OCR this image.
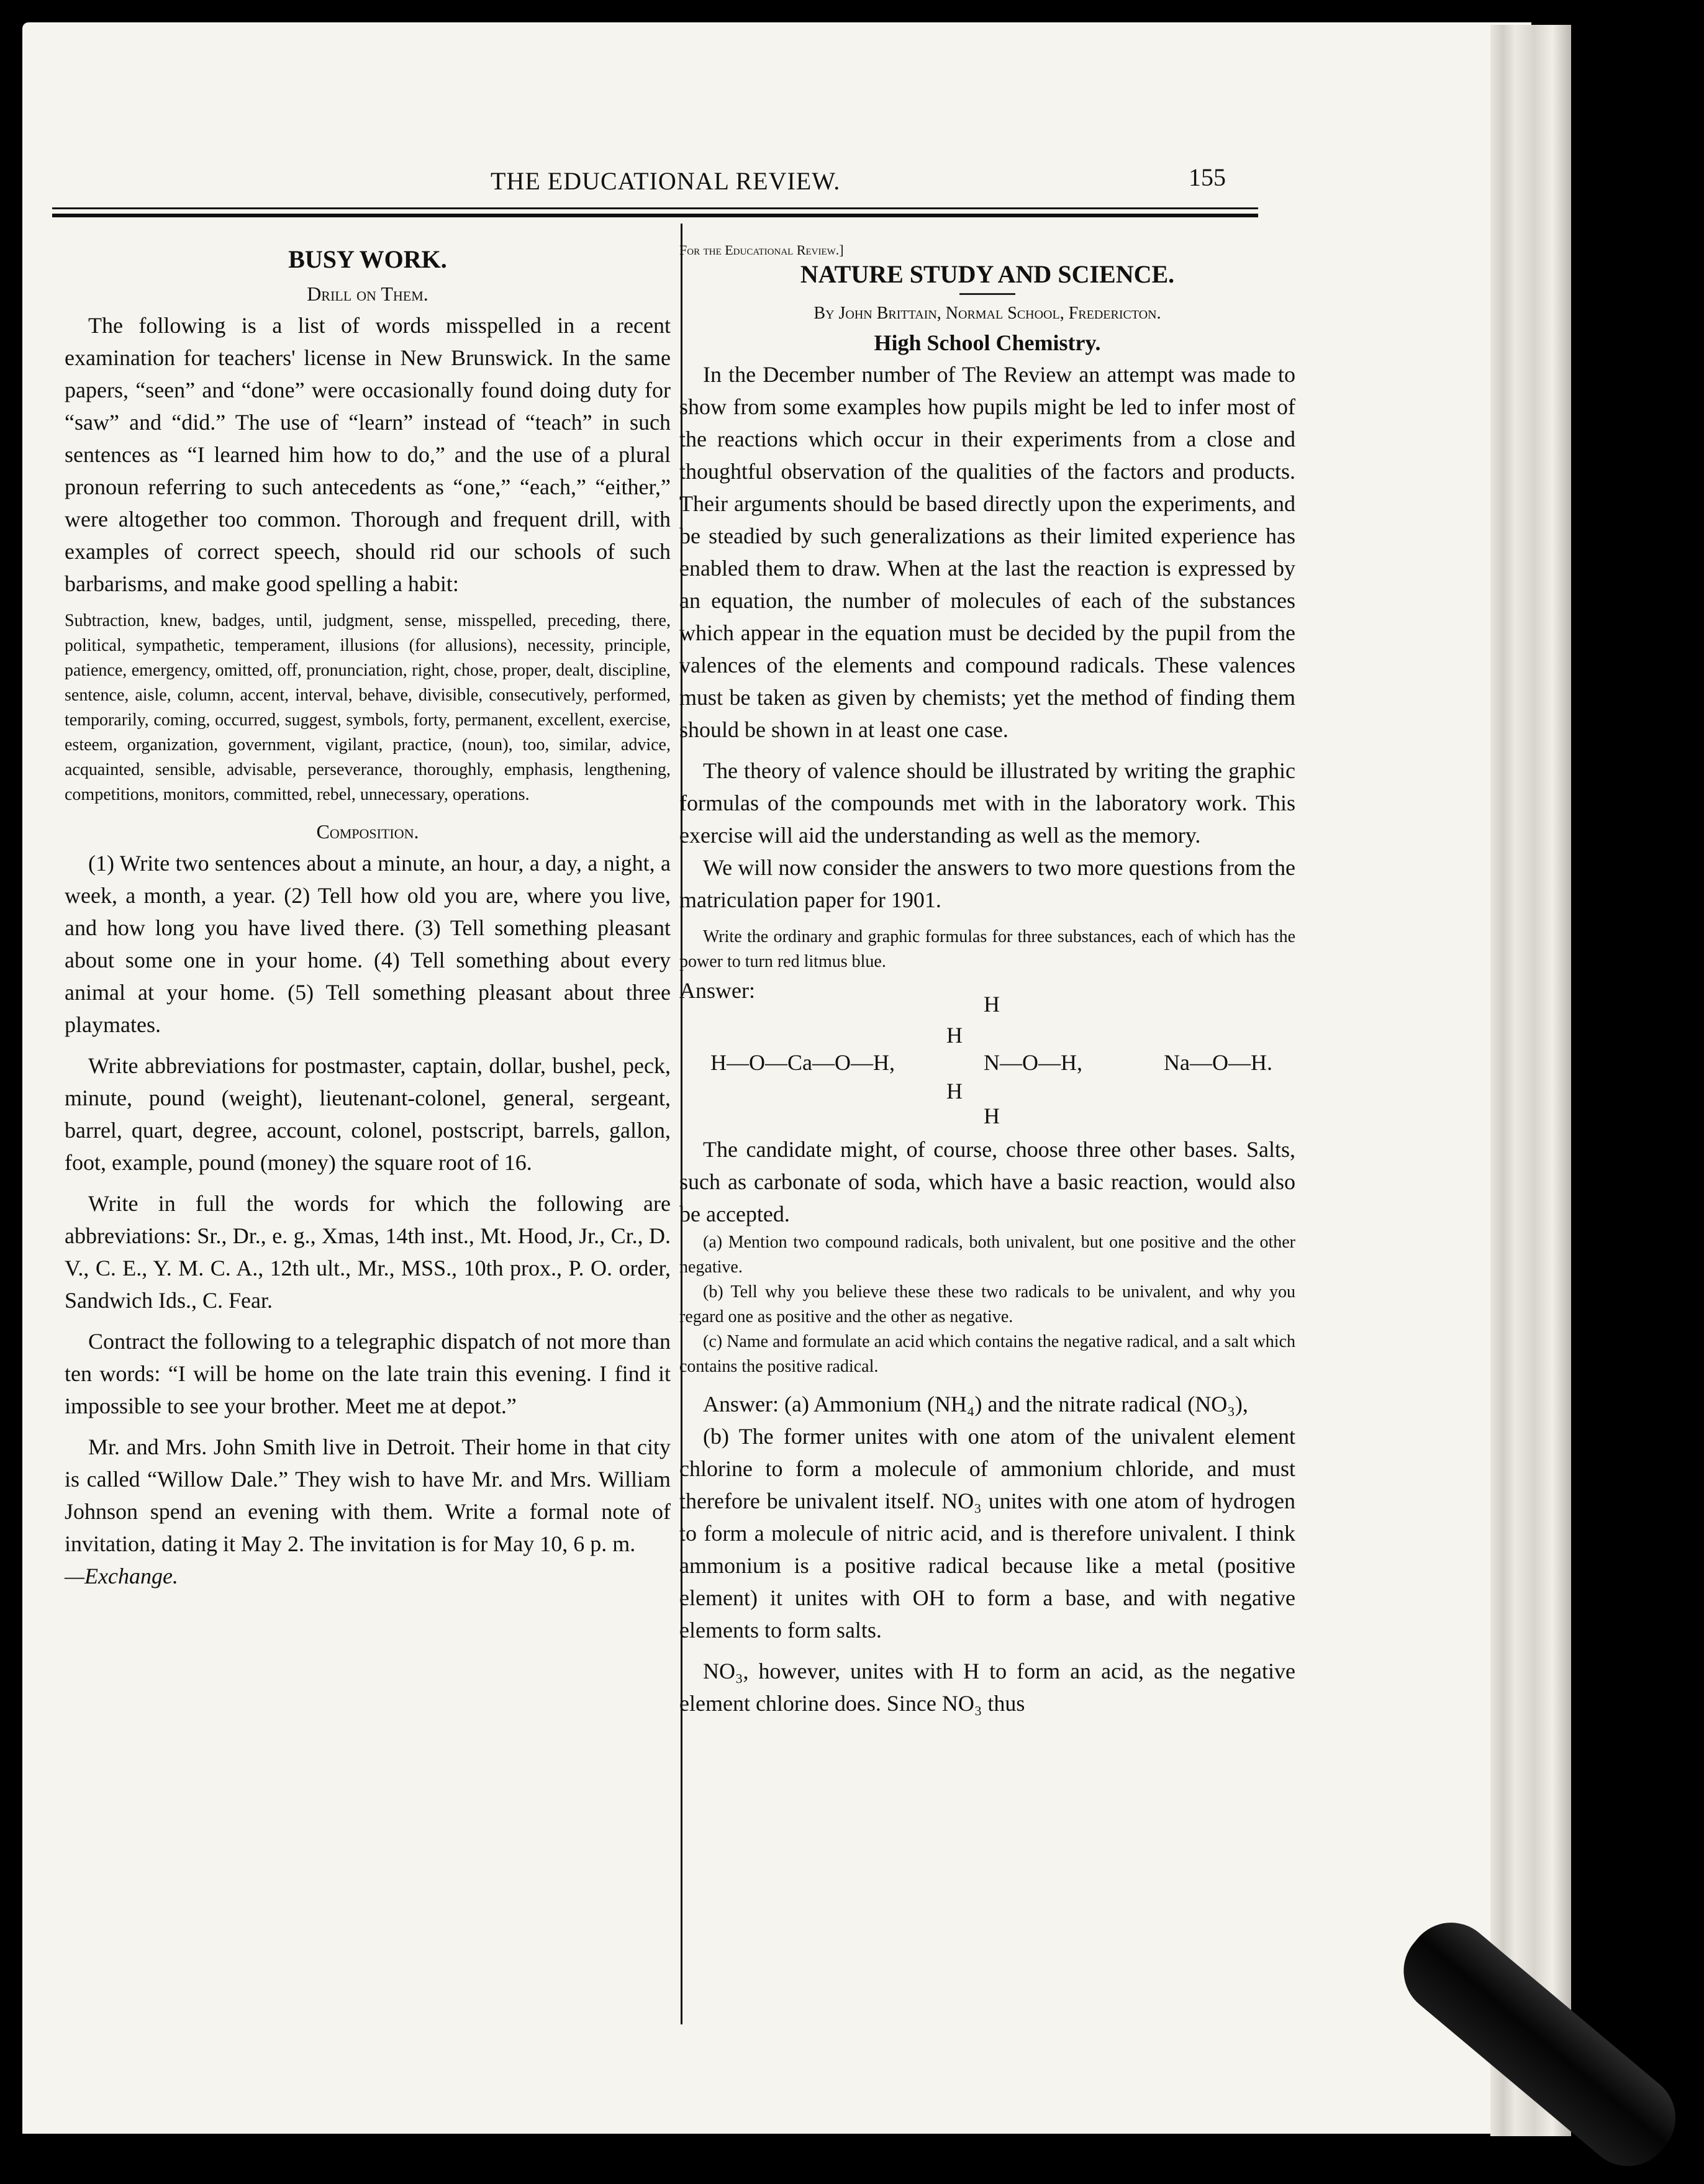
THE EDUCATIONAL REVIEW.	155

BUSY WORK.

Drill on Them.

The following is a list of words misspelled in a recent examination for teachers' license in New Brunswick. In the same papers, “seen” and “done” were occasionally found doing duty for “saw” and “did.” The use of “learn” instead of “teach” in such sentences as “I learned him how to do,” and the use of a plural pronoun referring to such antecedents as “one,” “each,” “either,” were altogether too common. Thorough and frequent drill, with examples of correct speech, should rid our schools of such barbarisms, and make good spelling a habit:

Subtraction, knew, badges, until, judgment, sense, misspelled, preceding, there, political, sympathetic, temperament, illusions (for allusions), necessity, principle, patience, emergency, omitted, off, pronunciation, right, chose, proper, dealt, discipline, sentence, aisle, column, accent, interval, behave, divisible, consecutively, performed, temporarily, coming, occurred, suggest, symbols, forty, permanent, excellent, exercise, esteem, organization, government, vigilant, practice, (noun), too, similar, advice, acquainted, sensible, advisable, perseverance, thoroughly, emphasis, lengthening, competitions, monitors, committed, rebel, unnecessary, operations.

Composition.

(1) Write two sentences about a minute, an hour, a day, a night, a week, a month, a year. (2) Tell how old you are, where you live, and how long you have lived there. (3) Tell something pleasant about some one in your home. (4) Tell something about every animal at your home. (5) Tell something pleasant about three playmates.

Write abbreviations for postmaster, captain, dollar, bushel, peck, minute, pound (weight), lieutenant-colonel, general, sergeant, barrel, quart, degree, account, colonel, postscript, barrels, gallon, foot, example, pound (money) the square root of 16.

Write in full the words for which the following are abbreviations: Sr., Dr., e. g., Xmas, 14th inst., Mt. Hood, Jr., Cr., D. V., C. E., Y. M. C. A., 12th ult., Mr., MSS., 10th prox., P. O. order, Sandwich Ids., C. Fear.

Contract the following to a telegraphic dispatch of not more than ten words: “I will be home on the late train this evening. I find it impossible to see your brother. Meet me at depot.”

Mr. and Mrs. John Smith live in Detroit. Their home in that city is called “Willow Dale.” They wish to have Mr. and Mrs. William Johnson spend an evening with them. Write a formal note of invitation, dating it May 2. The invitation is for May 10, 6 p. m.

—Exchange.

For the Educational Review.]

NATURE STUDY AND SCIENCE.

By John Brittain, Normal School, Fredericton.

High School Chemistry.

In the December number of The Review an attempt was made to show from some examples how pupils might be led to infer most of the reactions which occur in their experiments from a close and thoughtful observation of the qualities of the factors and products. Their arguments should be based directly upon the experiments, and be steadied by such generalizations as their limited experience has enabled them to draw. When at the last the reaction is expressed by an equation, the number of molecules of each of the substances which appear in the equation must be decided by the pupil from the valences of the elements and compound radicals. These valences must be taken as given by chemists; yet the method of finding them should be shown in at least one case.

The theory of valence should be illustrated by writing the graphic formulas of the compounds met with in the laboratory work. This exercise will aid the understanding as well as the memory.

We will now consider the answers to two more questions from the matriculation paper for 1901.

Write the ordinary and graphic formulas for three substances, each of which has the power to turn red litmus blue.

Answer:

H—O—Ca—O—H,
H
H
N—O—H,
H
H
Na—O—H.

The candidate might, of course, choose three other bases. Salts, such as carbonate of soda, which have a basic reaction, would also be accepted.

(a) Mention two compound radicals, both univalent, but one positive and the other negative.

(b) Tell why you believe these these two radicals to be univalent, and why you regard one as positive and the other as negative.

(c) Name and formulate an acid which contains the negative radical, and a salt which contains the positive radical.

Answer: (a) Ammonium (NH₄) and the nitrate radical (NO₃),

(b) The former unites with one atom of the univalent element chlorine to form a molecule of ammonium chloride, and must therefore be univalent itself. NO₃ unites with one atom of hydrogen to form a molecule of nitric acid, and is therefore univalent. I think ammonium is a positive radical because like a metal (positive element) it unites with OH to form a base, and with negative elements to form salts.

NO₃, however, unites with H to form an acid, as the negative element chlorine does. Since NO₃ thus
